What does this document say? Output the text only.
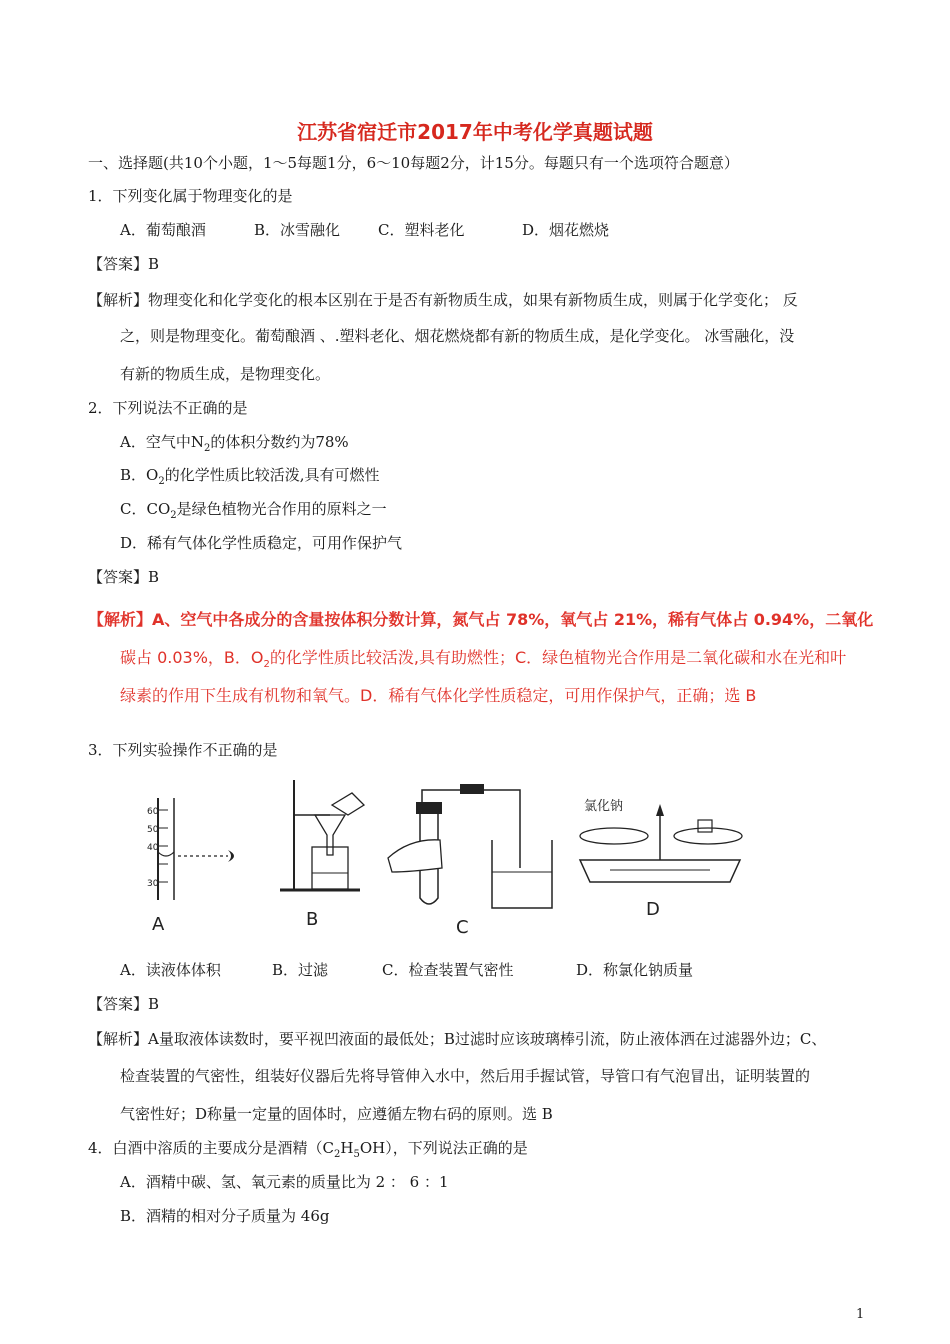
江苏省宿迁市2017年中考化学真题试题
一、选择题(共10个小题，1～5每题1分，6～10每题2分，计15分。每题只有一个选项符合题意）
1．下列变化属于物理变化的是
A．葡萄酿酒	B．冰雪融化	C．塑料老化	D．烟花燃烧
【答案】B
【解析】物理变化和化学变化的根本区别在于是否有新物质生成，如果有新物质生成，则属于化学变化； 反
之，则是物理变化。葡萄酿酒 、.塑料老化、烟花燃烧都有新的物质生成，是化学变化。 冰雪融化，没
有新的物质生成，是物理变化。
2．下列说法不正确的是
A．空气中$N_2$的体积分数约为78%
B．$O_2$的化学性质比较活泼,具有可燃性
C．$CO_2$是绿色植物光合作用的原料之一
D．稀有气体化学性质稳定，可用作保护气
【答案】B
【解析】A、空气中各成分的含量按体积分数计算，氮气占 78%，氧气占 21%，稀有气体占 0.94%，二氧化
碳占 0.03%，B．$O_2$的化学性质比较活泼,具有助燃性；C．绿色植物光合作用是二氧化碳和水在光和叶
绿素的作用下生成有机物和氧气。D．稀有气体化学性质稳定，可用作保护气，正确；选 B
3．下列实验操作不正确的是
60
50
40
30
A	B	C
氯化钠
D
A．读液体体积	B．过滤	C．检查装置气密性	D．称氯化钠质量
【答案】B
【解析】A量取液体读数时，要平视凹液面的最低处；B过滤时应该玻璃棒引流，防止液体洒在过滤器外边；C、
检查装置的气密性，组装好仪器后先将导管伸入水中，然后用手握试管，导管口有气泡冒出，证明装置的
气密性好；D称量一定量的固体时，应遵循左物右码的原则。选 B
4．白酒中溶质的主要成分是酒精$(C_2H_5OH)$，下列说法正确的是
A．酒精中碳、氢、氧元素的质量比为 2 ： 6 ：1
B．酒精的相对分子质量为 46g
1
